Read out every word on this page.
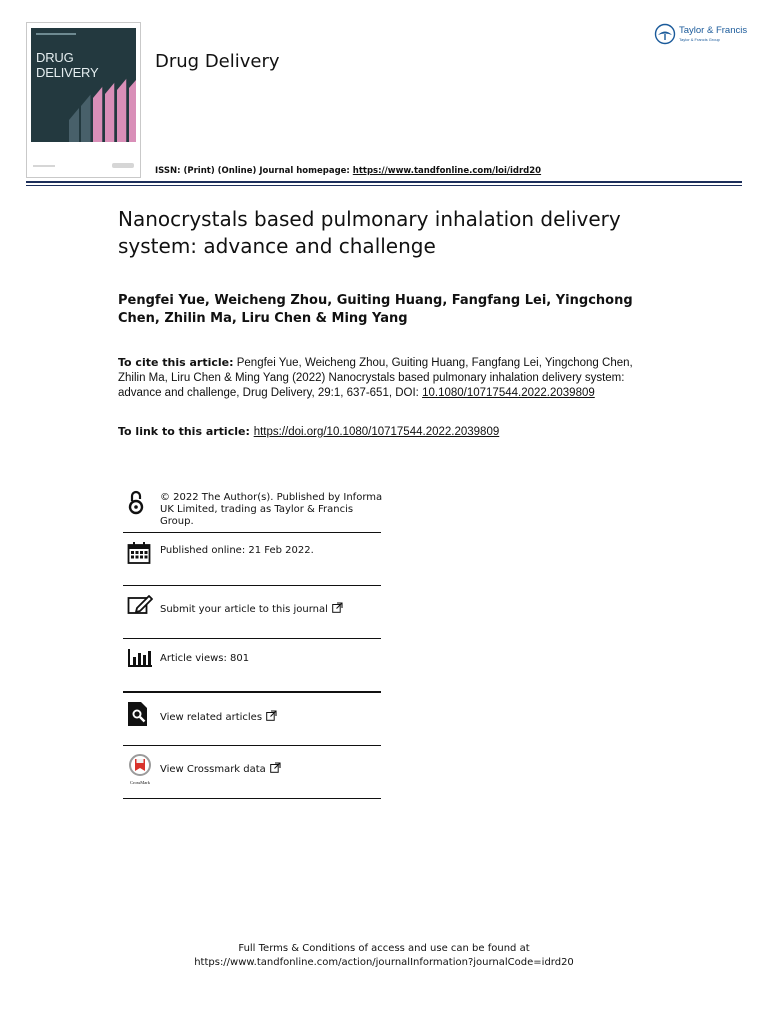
DRUG
DELIVERY
Drug Delivery
Taylor & Francis
Taylor & Francis Group
ISSN: (Print) (Online) Journal homepage: https://www.tandfonline.com/loi/idrd20
Nanocrystals based pulmonary inhalation delivery system: advance and challenge
Pengfei Yue, Weicheng Zhou, Guiting Huang, Fangfang Lei, Yingchong Chen, Zhilin Ma, Liru Chen & Ming Yang
To cite this article: Pengfei Yue, Weicheng Zhou, Guiting Huang, Fangfang Lei, Yingchong Chen, Zhilin Ma, Liru Chen & Ming Yang (2022) Nanocrystals based pulmonary inhalation delivery system: advance and challenge, Drug Delivery, 29:1, 637-651, DOI: 10.1080/10717544.2022.2039809
To link to this article: https://doi.org/10.1080/10717544.2022.2039809
© 2022 The Author(s). Published by Informa UK Limited, trading as Taylor & Francis Group.
Published online: 21 Feb 2022.
Submit your article to this journal
Article views: 801
View related articles
CrossMark
View Crossmark data
Full Terms & Conditions of access and use can be found at
https://www.tandfonline.com/action/journalInformation?journalCode=idrd20
